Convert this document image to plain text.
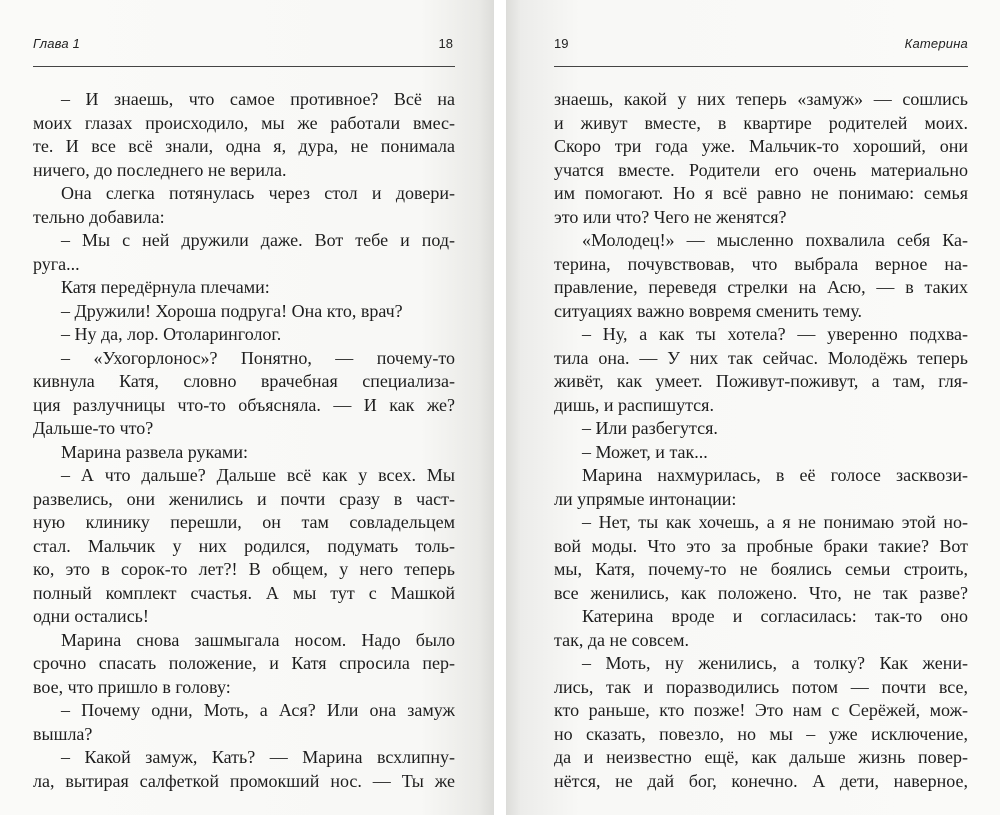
Глава 1	18
– И знаешь, что самое противное? Всё на
моих глазах происходило, мы же работали вмес-
те. И все всё знали, одна я, дура, не понимала
ничего, до последнего не верила.
Она слегка потянулась через стол и довери-
тельно добавила:
– Мы с ней дружили даже. Вот тебе и под-
руга...
Катя передёрнула плечами:
– Дружили! Хороша подруга! Она кто, врач?
– Ну да, лор. Отоларинголог.
– «Ухогорлонос»? Понятно, — почему-то
кивнула Катя, словно врачебная специализа-
ция разлучницы что-то объясняла. — И как же?
Дальше-то что?
Марина развела руками:
– А что дальше? Дальше всё как у всех. Мы
развелись, они женились и почти сразу в част-
ную клинику перешли, он там совладельцем
стал. Мальчик у них родился, подумать толь-
ко, это в сорок-то лет?! В общем, у него теперь
полный комплект счастья. А мы тут с Машкой
одни остались!
Марина снова зашмыгала носом. Надо было
срочно спасать положение, и Катя спросила пер-
вое, что пришло в голову:
– Почему одни, Моть, а Ася? Или она замуж
вышла?
– Какой замуж, Кать? — Марина всхлипну-
ла, вытирая салфеткой промокший нос. — Ты же
19	Катерина
знаешь, какой у них теперь «замуж» — сошлись
и живут вместе, в квартире родителей моих.
Скоро три года уже. Мальчик-то хороший, они
учатся вместе. Родители его очень материально
им помогают. Но я всё равно не понимаю: семья
это или что? Чего не женятся?
«Молодец!» — мысленно похвалила себя Ка-
терина, почувствовав, что выбрала верное на-
правление, переведя стрелки на Асю, — в таких
ситуациях важно вовремя сменить тему.
– Ну, а как ты хотела? — уверенно подхва-
тила она. — У них так сейчас. Молодёжь теперь
живёт, как умеет. Поживут-поживут, а там, гля-
дишь, и распишутся.
– Или разбегутся.
– Может, и так...
Марина нахмурилась, в её голосе засквози-
ли упрямые интонации:
– Нет, ты как хочешь, а я не понимаю этой но-
вой моды. Что это за пробные браки такие? Вот
мы, Катя, почему-то не боялись семьи строить,
все женились, как положено. Что, не так разве?
Катерина вроде и согласилась: так-то оно
так, да не совсем.
– Моть, ну женились, а толку? Как жени-
лись, так и поразводились потом — почти все,
кто раньше, кто позже! Это нам с Серёжей, мож-
но сказать, повезло, но мы – уже исключение,
да и неизвестно ещё, как дальше жизнь повер-
нётся, не дай бог, конечно. А дети, наверное,
